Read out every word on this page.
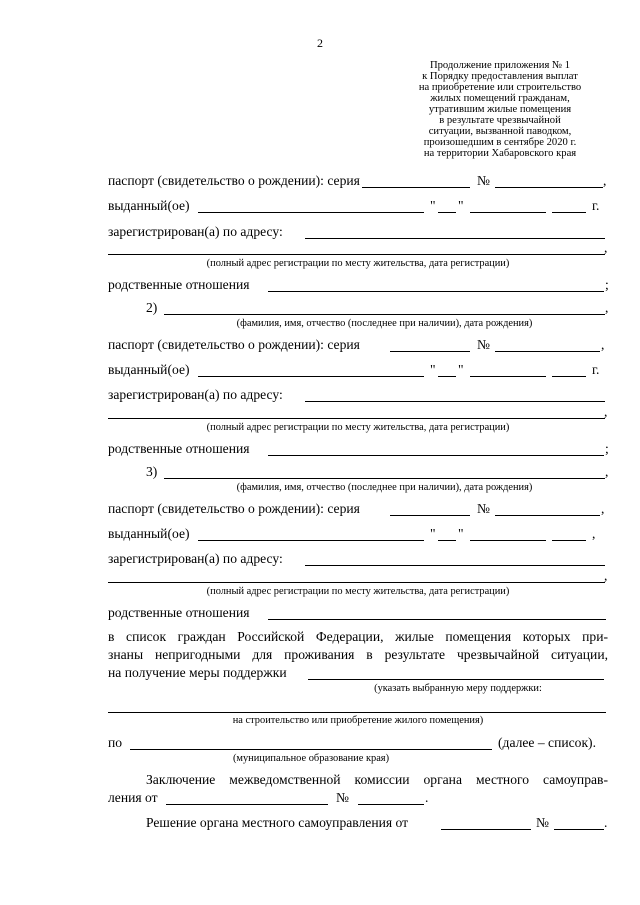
2
Продолжение приложения № 1
к Порядку предоставления выплат
на приобретение или строительство
жилых помещений гражданам,
утратившим жилые помещения
в результате чрезвычайной
ситуации, вызванной паводком,
произошедшим в сентябре 2020 г.
на территории Хабаровского края
паспорт (свидетельство о рождении): серия	№	,
выданный(ое)	" "	г.
зарегистрирован(а) по адресу:
,
(полный адрес регистрации по месту жительства, дата регистрации)
родственные отношения	;
2)	,
(фамилия, имя, отчество (последнее при наличии), дата рождения)
паспорт (свидетельство о рождении): серия	№	,
выданный(ое)	" "	г.
зарегистрирован(а) по адресу:
,
(полный адрес регистрации по месту жительства, дата регистрации)
родственные отношения	;
3)	,
(фамилия, имя, отчество (последнее при наличии), дата рождения)
паспорт (свидетельство о рождении): серия	№	,
выданный(ое)	" "	,
зарегистрирован(а) по адресу:
,
(полный адрес регистрации по месту жительства, дата регистрации)
родственные отношения
в список граждан Российской Федерации, жилые помещения которых при-
знаны непригодными для проживания в результате чрезвычайной ситуации,
на получение меры поддержки
(указать выбранную меру поддержки:
на строительство или приобретение жилого помещения)
по	(далее – список).
(муниципальное образование края)
Заключение межведомственной комиссии органа местного самоуправ-
ления от	№	.
Решение органа местного самоуправления от	№	.
